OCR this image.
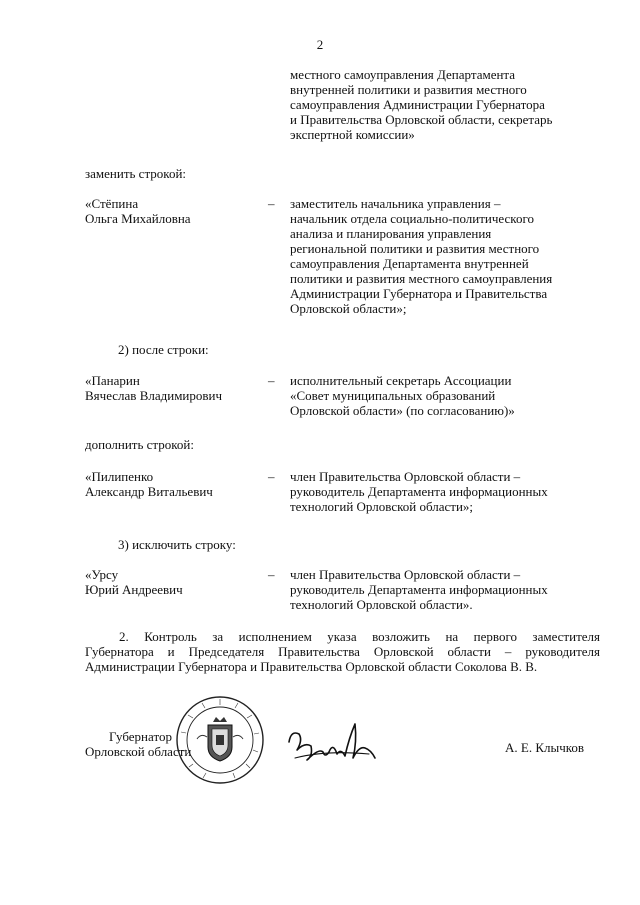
2
местного самоуправления Департамента
внутренней политики и развития местного
самоуправления Администрации Губернатора
и Правительства Орловской области, секретарь
экспертной комиссии»
заменить строкой:
«Стёпина
Ольга Михайловна
– заместитель начальника управления –
начальник отдела социально-политического
анализа и планирования управления
региональной политики и развития местного
самоуправления Департамента внутренней
политики и развития местного самоуправления
Администрации Губернатора и Правительства
Орловской области»;
2) после строки:
«Панарин
Вячеслав Владимирович
– исполнительный секретарь Ассоциации
«Совет муниципальных образований
Орловской области» (по согласованию)»
дополнить строкой:
«Пилипенко
Александр Витальевич
– член Правительства Орловской области –
руководитель Департамента информационных
технологий Орловской области»;
3) исключить строку:
«Урсу
Юрий Андреевич
– член Правительства Орловской области –
руководитель Департамента информационных
технологий Орловской области».
2. Контроль за исполнением указа возложить на первого заместителя
Губернатора и Председателя Правительства Орловской области – руководителя
Администрации Губернатора и Правительства Орловской области Соколова В. В.
Губернатор
Орловской области	А. Е. Клычков
